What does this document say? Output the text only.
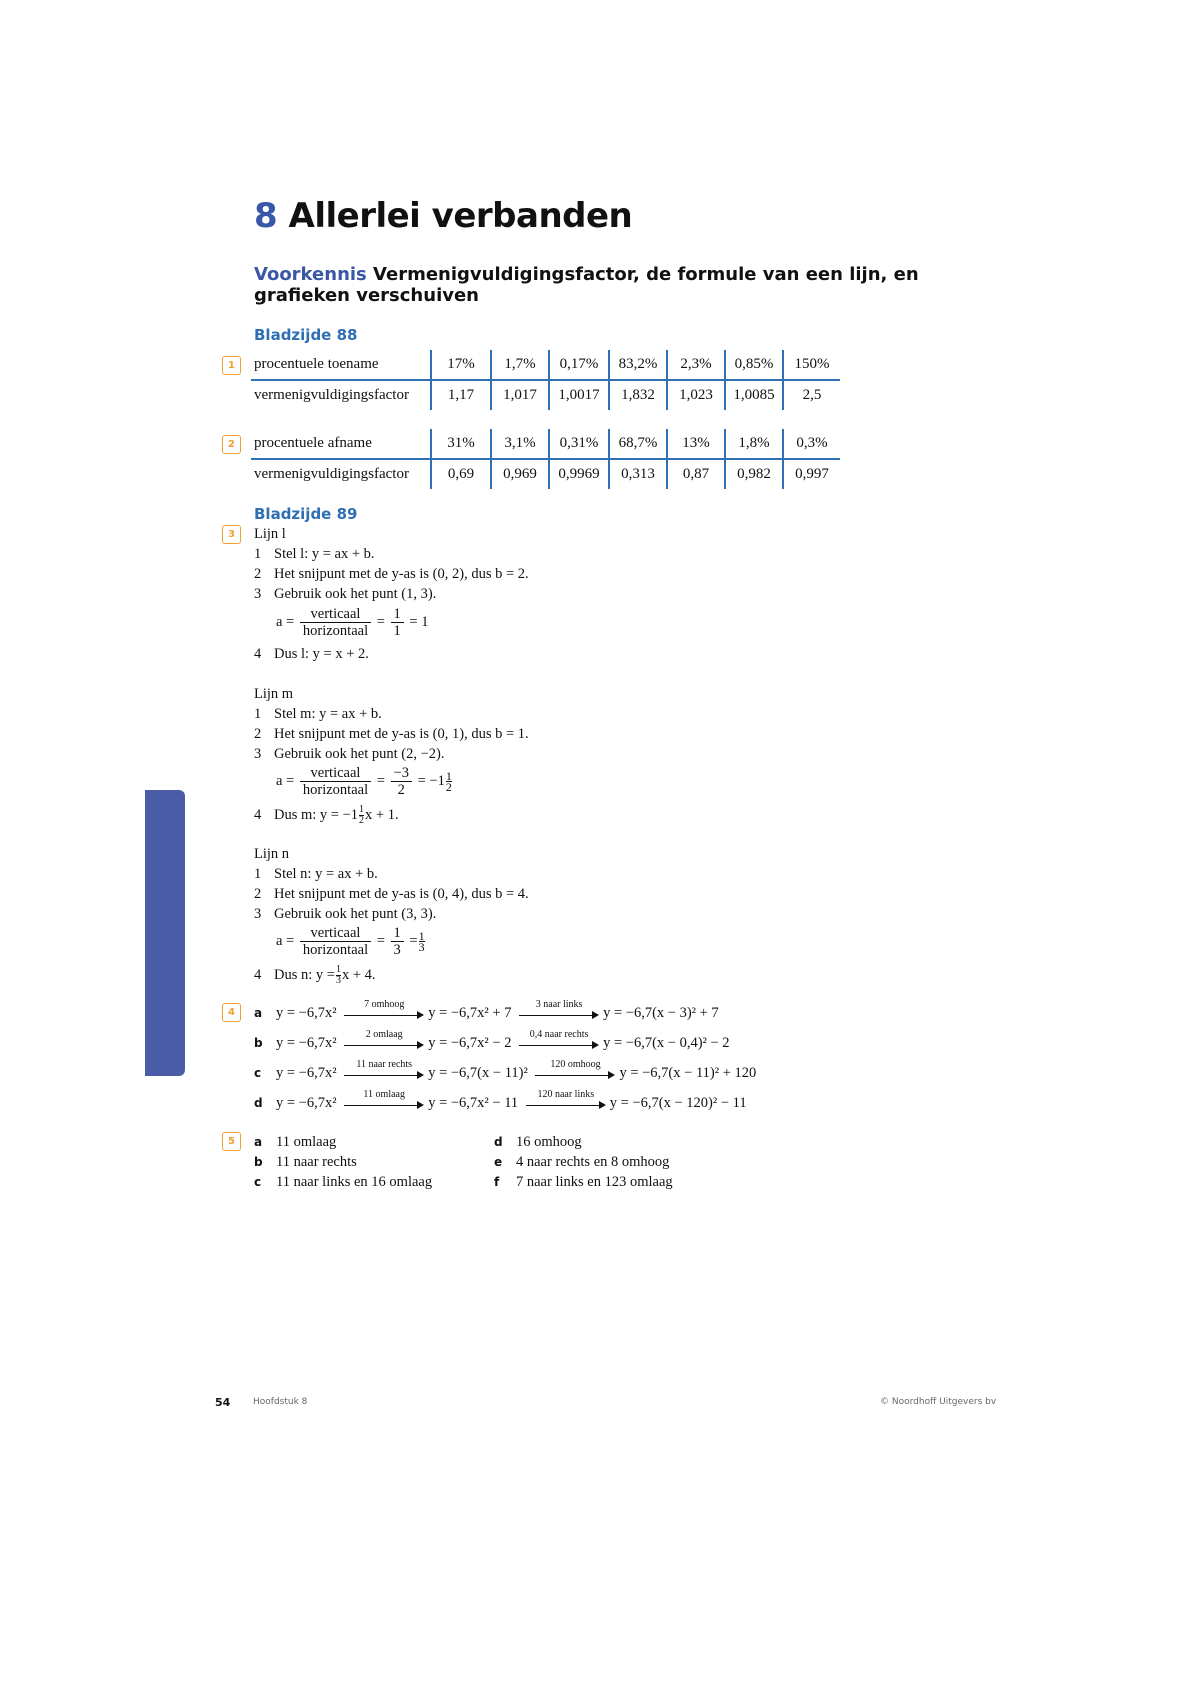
8 Allerlei verbanden
Voorkennis Vermenigvuldigingsfactor, de formule van een lijn, en grafieken verschuiven
Bladzijde 88
1	procentuele toename	17%	1,7%	0,17%	83,2%	2,3%	0,85%	150%
vermenigvuldigingsfactor	1,17	1,017	1,0017	1,832	1,023	1,0085	2,5
2	procentuele afname	31%	3,1%	0,31%	68,7%	13%	1,8%	0,3%
vermenigvuldigingsfactor	0,69	0,969	0,9969	0,313	0,87	0,982	0,997
Bladzijde 89
3	Lijn l
1 Stel l: y = ax + b.
2 Het snijpunt met de y-as is (0, 2), dus b = 2.
3 Gebruik ook het punt (1, 3).
$a = \frac{\text{verticaal}}{\text{horizontaal}} = \frac{1}{1} = 1$
4 Dus l: y = x + 2.
Lijn m
1 Stel m: y = ax + b.
2 Het snijpunt met de y-as is (0, 1), dus b = 1.
3 Gebruik ook het punt (2, −2).
$a = \frac{\text{verticaal}}{\text{horizontaal}} = \frac{-3}{2} = -1 \frac{1}{2}$
4 Dus m: $y = -1 \frac{1}{2}$ x + 1.
Lijn n
1 Stel n: y = ax + b.
2 Het snijpunt met de y-as is (0, 4), dus b = 4.
3 Gebruik ook het punt (3, 3).
$a = \frac{\text{verticaal}}{\text{horizontaal}} = \frac{1}{3} = \frac{1}{3}$
4 Dus n: $y = \frac{1}{3}$ x + 4.
4	a y = −6,7x²
7 omhoog
y = −6,7x² + 7
3 naar links
y = −6,7(x − 3)² + 7
b y = −6,7x²
2 omlaag
y = −6,7x² − 2
0,4 naar rechts
y = −6,7(x − 0,4)² − 2
c y = −6,7x²
11 naar rechts
y = −6,7(x − 11)²
120 omhoog
y = −6,7(x − 11)² + 120
d y = −6,7x²
11 omlaag
y = −6,7x² − 11
120 naar links
y = −6,7(x − 120)² − 11
5	a 11 omlaag
b 11 naar rechts
c 11 naar links en 16 omlaag
d 16 omhoog
e 4 naar rechts en 8 omhoog
f 7 naar links en 123 omlaag
54	Hoofdstuk 8	© Noordhoff Uitgevers bv
